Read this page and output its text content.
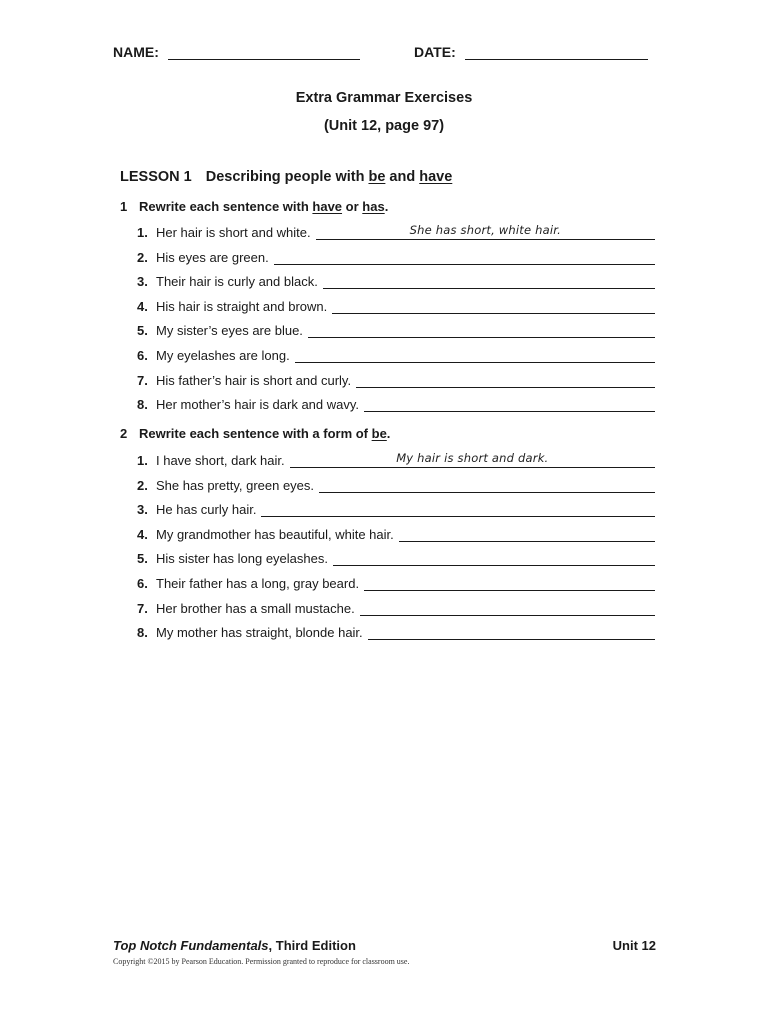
NAME:	DATE:
Extra Grammar Exercises
(Unit 12, page 97)
LESSON 1 Describing people with be and have
1 Rewrite each sentence with have or has.
1. Her hair is short and white.	She has short, white hair.
2. His eyes are green.
3. Their hair is curly and black.
4. His hair is straight and brown.
5. My sister’s eyes are blue.
6. My eyelashes are long.
7. His father’s hair is short and curly.
8. Her mother’s hair is dark and wavy.
2 Rewrite each sentence with a form of be.
1. I have short, dark hair.	My hair is short and dark.
2. She has pretty, green eyes.
3. He has curly hair.
4. My grandmother has beautiful, white hair.
5. His sister has long eyelashes.
6. Their father has a long, gray beard.
7. Her brother has a small mustache.
8. My mother has straight, blonde hair.
Top Notch Fundamentals, Third Edition	Unit 12
Copyright ©2015 by Pearson Education. Permission granted to reproduce for classroom use.
